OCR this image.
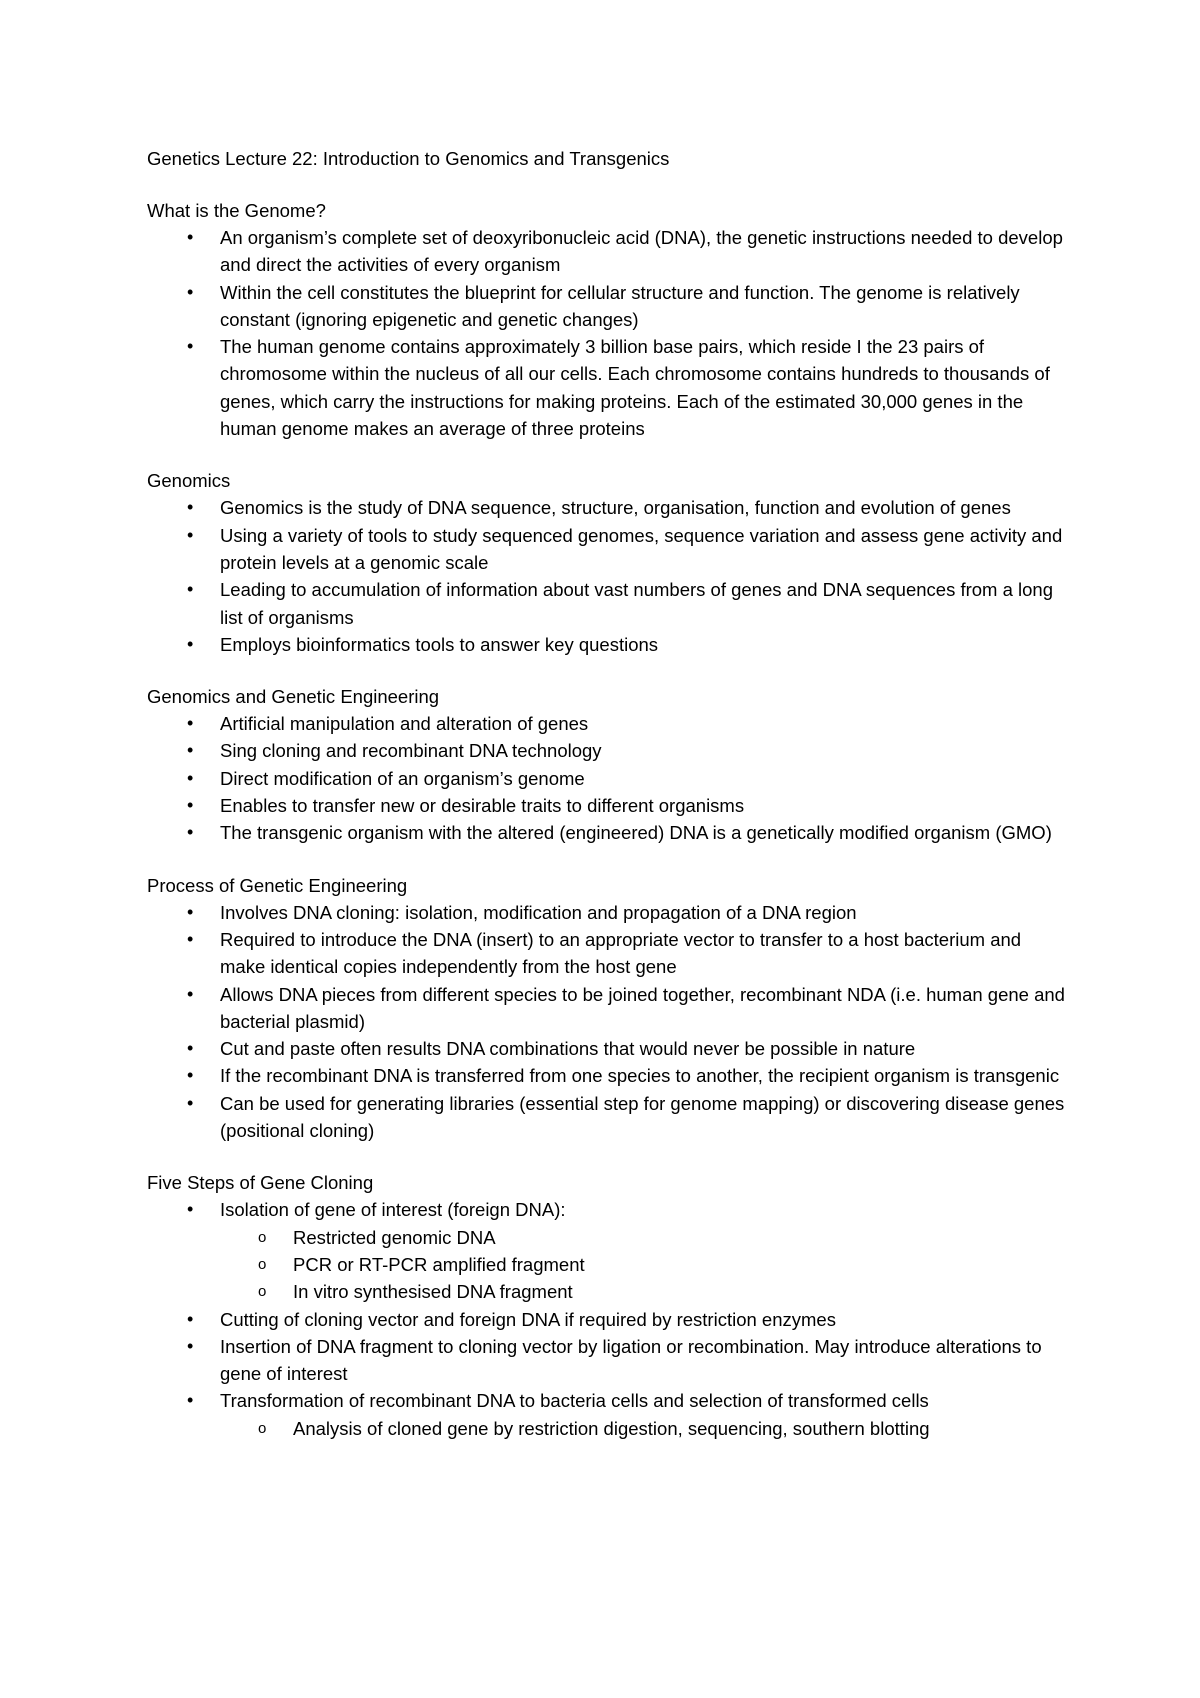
Genetics Lecture 22: Introduction to Genomics and Transgenics
What is the Genome?
• An organism’s complete set of deoxyribonucleic acid (DNA), the genetic instructions needed to develop and direct the activities of every organism
• Within the cell constitutes the blueprint for cellular structure and function. The genome is relatively constant (ignoring epigenetic and genetic changes)
• The human genome contains approximately 3 billion base pairs, which reside I the 23 pairs of chromosome within the nucleus of all our cells. Each chromosome contains hundreds to thousands of genes, which carry the instructions for making proteins. Each of the estimated 30,000 genes in the human genome makes an average of three proteins
Genomics
• Genomics is the study of DNA sequence, structure, organisation, function and evolution of genes
• Using a variety of tools to study sequenced genomes, sequence variation and assess gene activity and protein levels at a genomic scale
• Leading to accumulation of information about vast numbers of genes and DNA sequences from a long list of organisms
• Employs bioinformatics tools to answer key questions
Genomics and Genetic Engineering
• Artificial manipulation and alteration of genes
• Sing cloning and recombinant DNA technology
• Direct modification of an organism’s genome
• Enables to transfer new or desirable traits to different organisms
• The transgenic organism with the altered (engineered) DNA is a genetically modified organism (GMO)
Process of Genetic Engineering
• Involves DNA cloning: isolation, modification and propagation of a DNA region
• Required to introduce the DNA (insert) to an appropriate vector to transfer to a host bacterium and make identical copies independently from the host gene
• Allows DNA pieces from different species to be joined together, recombinant NDA (i.e. human gene and bacterial plasmid)
• Cut and paste often results DNA combinations that would never be possible in nature
• If the recombinant DNA is transferred from one species to another, the recipient organism is transgenic
• Can be used for generating libraries (essential step for genome mapping) or discovering disease genes (positional cloning)
Five Steps of Gene Cloning
• Isolation of gene of interest (foreign DNA):
o Restricted genomic DNA
o PCR or RT-PCR amplified fragment
o In vitro synthesised DNA fragment
• Cutting of cloning vector and foreign DNA if required by restriction enzymes
• Insertion of DNA fragment to cloning vector by ligation or recombination. May introduce alterations to gene of interest
• Transformation of recombinant DNA to bacteria cells and selection of transformed cells
o Analysis of cloned gene by restriction digestion, sequencing, southern blotting
